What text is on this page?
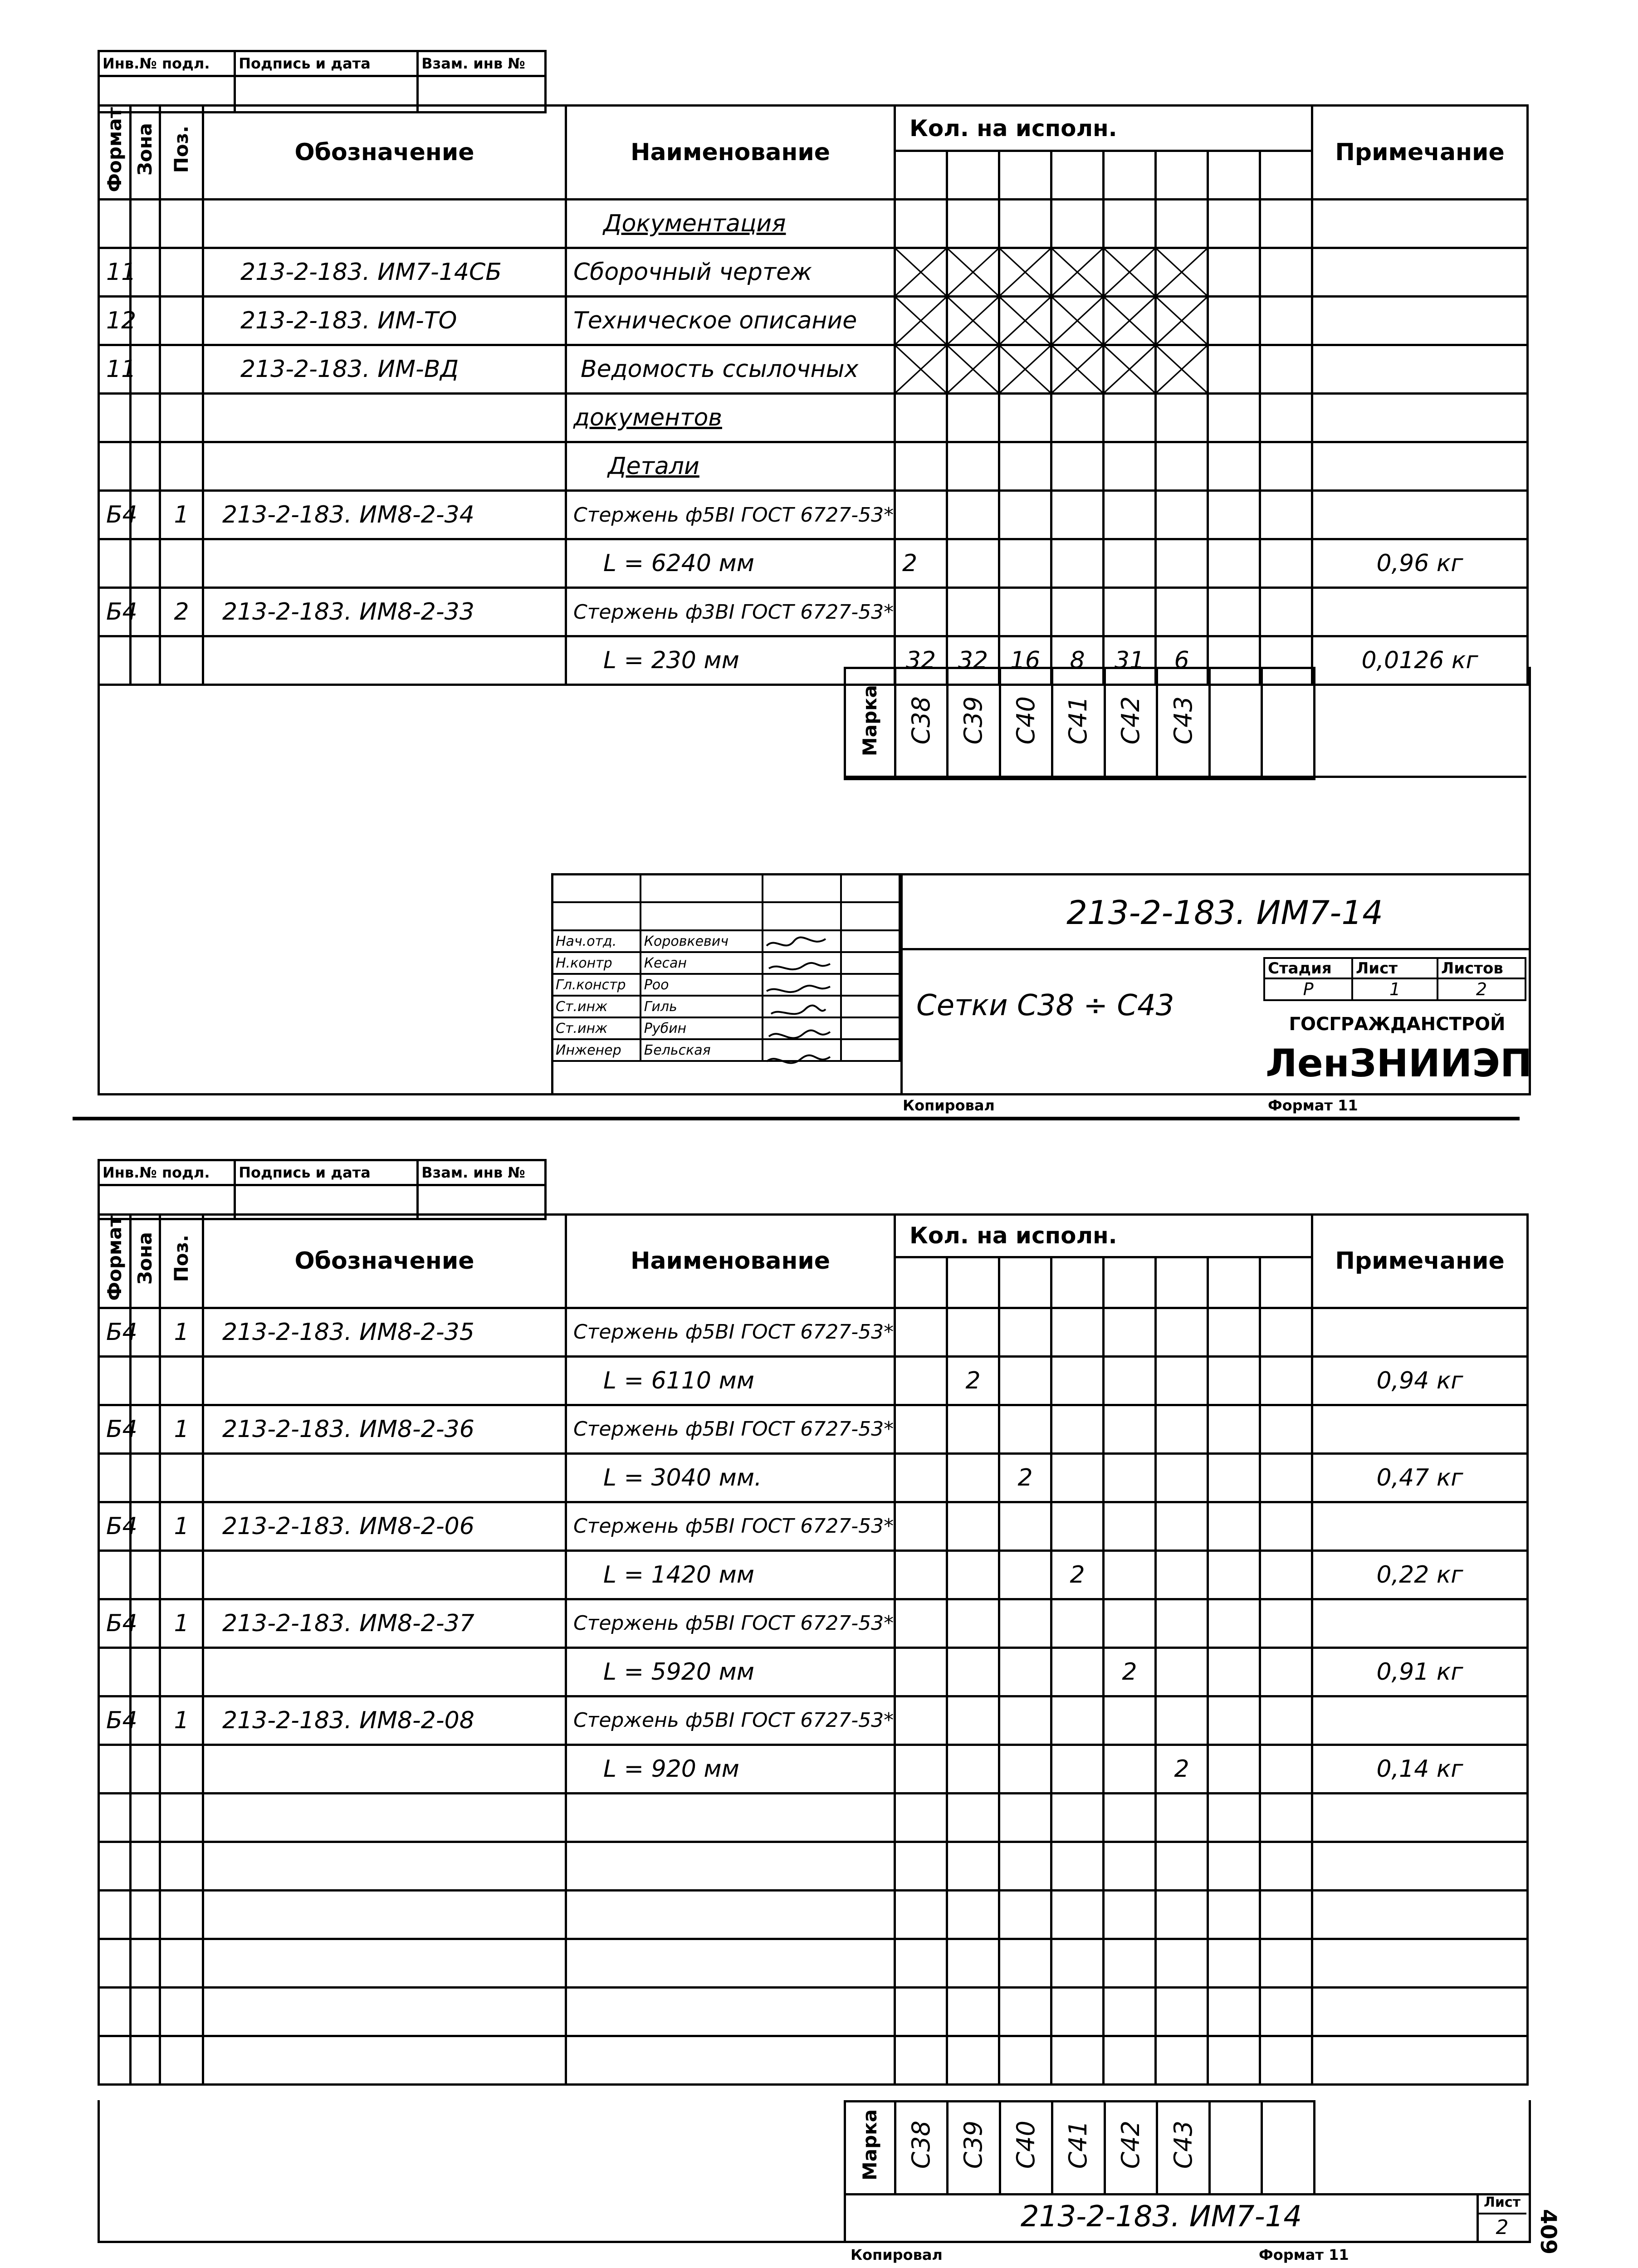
Инв.№ подл.	Подпись и дата	Взам. инв №

Формат	Зона	Поз.	Обозначение	Наименование	Кол. на исполн.								Примечание

				Документация									
11			213-2-183. ИМ7-14СБ	Сборочный чертеж	

12			213-2-183. ИМ-ТО	Техническое описание	

11			213-2-183. ИМ-ВД	Ведомость ссылочных	

				документов									
				Детали									
Б4		1	213-2-183. ИМ8-2-34	Стержень ф5ВI ГОСТ 6727-53*									
				L = 6240 мм	2								0,96 кг
Б4		2	213-2-183. ИМ8-2-33	Стержень ф3ВI ГОСТ 6727-53*									
				L = 230 мм	32	32	16	8	31	6			0,0126 кг
Марка	С38	С39	С40	С41	С42	С43		

Нач.отд.	Коровкевич		
Н.контр	Кесан		
Гл.констр	Роо		
Ст.инж	Гиль		
Ст.инж	Рубин		
Инженер	Бельская		
213-2-183. ИМ7-14
Сетки С38 ÷ С43
Стадия	Лист	Листов
Р	1	2
ГОСГРАЖДАНСТРОЙ
ЛенЗНИИЭП
Копировал	Формат 11
Инв.№ подл.	Подпись и дата	Взам. инв №

Формат	Зона	Поз.	Обозначение	Наименование	Кол. на исполн.								Примечание

Б4		1	213-2-183. ИМ8-2-35	Стержень ф5ВI ГОСТ 6727-53*									
				L = 6110 мм		2							0,94 кг
Б4		1	213-2-183. ИМ8-2-36	Стержень ф5ВI ГОСТ 6727-53*									
				L = 3040 мм.			2						0,47 кг
Б4		1	213-2-183. ИМ8-2-06	Стержень ф5ВI ГОСТ 6727-53*									
				L = 1420 мм				2					0,22 кг
Б4		1	213-2-183. ИМ8-2-37	Стержень ф5ВI ГОСТ 6727-53*									
				L = 5920 мм					2				0,91 кг
Б4		1	213-2-183. ИМ8-2-08	Стержень ф5ВI ГОСТ 6727-53*									
				L = 920 мм						2			0,14 кг

Марка	С38	С39	С40	С41	С42	С43		
213-2-183. ИМ7-14	Лист
2
Копировал	Формат 11
409
